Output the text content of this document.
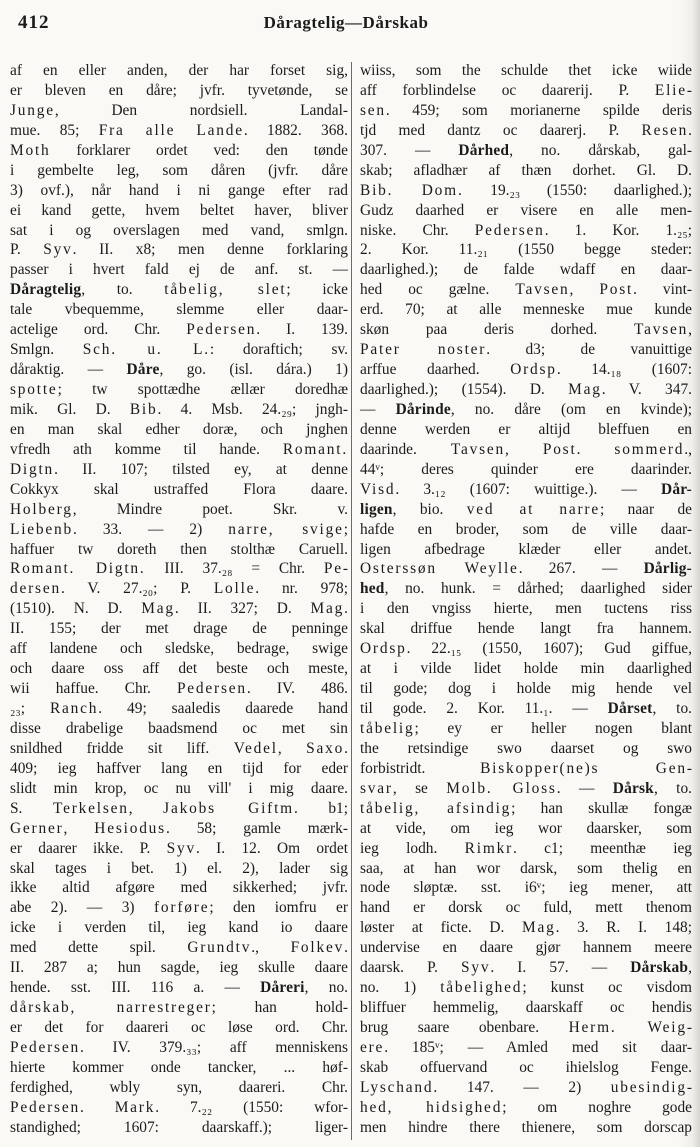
412	Dåragtelig—Dårskab
af en eller anden, der har forset sig,
er bleven en dåre; jvfr. tyvetønde, se
Junge, Den nordsiell. Landal-
mue. 85; Fra alle Lande. 1882. 368.
Moth forklarer ordet ved: den tønde
i gembelte leg, som dåren (jvfr. dåre
3) ovf.), når hand i ni gange efter rad
ei kand gette, hvem beltet haver, bliver
sat i og overslagen med vand, smlgn.
P. Syv. II. x8; men denne forklaring
passer i hvert fald ej de anf. st. —
Dåragtelig, to. tåbelig, slet; icke
tale vbequemme, slemme eller daar-
actelige ord. Chr. Pedersen. I. 139.
Smlgn. Sch. u. L.: doraftich; sv.
dåraktig. — Dåre, go. (isl. dára.) 1)
spotte; tw spottædhe ællær doredhæ
mik. Gl. D. Bib. 4. Msb. 24.₂₉; jngh-
en man skal edher doræ, och jnghen
vfredh ath komme til hande. Romant.
Digtn. II. 107; tilsted ey, at denne
Cokkyx skal ustraffed Flora daare.
Holberg, Mindre poet. Skr. v.
Liebenb. 33. — 2) narre, svige;
haffuer tw doreth then stolthæ Caruell.
Romant. Digtn. III. 37.₂₈ = Chr. Pe-
dersen. V. 27.₂₀; P. Lolle. nr. 978;
(1510). N. D. Mag. II. 327; D. Mag.
II. 155; der met drage de penninge
aff landene och sledske, bedrage, swige
och daare oss aff det beste och meste,
wii haffue. Chr. Pedersen. IV. 486.
₂₃; Ranch. 49; saaledis daarede hand
disse drabelige baadsmend oc met sin
snildhed fridde sit liff. Vedel, Saxo.
409; ieg haffver lang en tijd for eder
slidt min krop, oc nu vill' i mig daare.
S. Terkelsen, Jakobs Giftm. b1;
Gerner, Hesiodus. 58; gamle mærk-
er daarer ikke. P. Syv. I. 12. Om ordet
skal tages i bet. 1) el. 2), lader sig
ikke altid afgøre med sikkerhed; jvfr.
abe 2). — 3) forføre; den iomfru er
icke i verden til, ieg kand io daare
med dette spil. Grundtv., Folkev.
II. 287 a; hun sagde, ieg skulle daare
hende. sst. III. 116 a. — Dåreri, no.
dårskab, narrestreger; han hold-
er det for daareri oc løse ord. Chr.
Pedersen. IV. 379.₃₃; aff menniskens
hierte kommer onde tancker, ... høf-
ferdighed, wbly syn, daareri. Chr.
Pedersen. Mark. 7.₂₂ (1550: wfor-
standighed; 1607: daarskaff.); liger-
wiiss, som the schulde thet icke wiide
aff forblindelse oc daarerij. P. Elie-
sen. 459; som morianerne spilde deris
tjd med dantz oc daarerj. P. Resen.
307. — Dårhed, no. dårskab, gal-
skab; afladhær af thæn dorhet. Gl. D.
Bib. Dom. 19.₂₃ (1550: daarlighed.);
Gudz daarhed er visere en alle men-
niske. Chr. Pedersen. 1. Kor. 1.₂₅;
2. Kor. 11.₂₁ (1550 begge steder:
daarlighed.); de falde wdaff en daar-
hed oc gælne. Tavsen, Post. vint-
erd. 70; at alle menneske mue kunde
skøn paa deris dorhed. Tavsen,
Pater noster. d3; de vanuittige
arffue daarhed. Ordsp. 14.₁₈ (1607:
daarlighed.); (1554). D. Mag. V. 347.
— Dårinde, no. dåre (om en kvinde);
denne werden er altijd bleffuen en
daarinde. Tavsen, Post. sommerd.,
44ᵛ; deres quinder ere daarinder.
Visd. 3.₁₂ (1607: wuittige.). — Dår-
ligen, bio. ved at narre; naar de
hafde en broder, som de ville daar-
ligen afbedrage klæder eller andet.
Osterssøn Weylle. 267. — Dårlig-
hed, no. hunk. = dårhed; daarlighed sider
i den vngiss hierte, men tuctens riss
skal driffue hende langt fra hannem.
Ordsp. 22.₁₅ (1550, 1607); Gud giffue,
at i vilde lidet holde min daarlighed
til gode; dog i holde mig hende vel
til gode. 2. Kor. 11.₁. — Dårset, to.
tåbelig; ey er heller nogen blant
the retsindige swo daarset og swo
forbistridt. Biskopper(ne)s Gen-
svar, se Molb. Gloss. — Dårsk, to.
tåbelig, afsindig; han skullæ fongæ
at vide, om ieg wor daarsker, som
ieg lodh. Rimkr. c1; meenthæ ieg
saa, at han wor darsk, som thelig en
node sløptæ. sst. i6ᵛ; ieg mener, att
hand er dorsk oc fuld, mett thenom
løster at ficte. D. Mag. 3. R. I. 148;
undervise en daare gjør hannem meere
daarsk. P. Syv. I. 57. — Dårskab,
no. 1) tåbelighed; kunst oc visdom
bliffuer hemmelig, daarskaff oc hendis
brug saare obenbare. Herm. Weig-
ere. 185ᵛ; — Amled med sit daar-
skab offuervand oc ihielslog Fenge.
Lyschand. 147. — 2) ubesindig-
hed, hidsighed; om noghre gode
men hindre there thienere, som dorscap
